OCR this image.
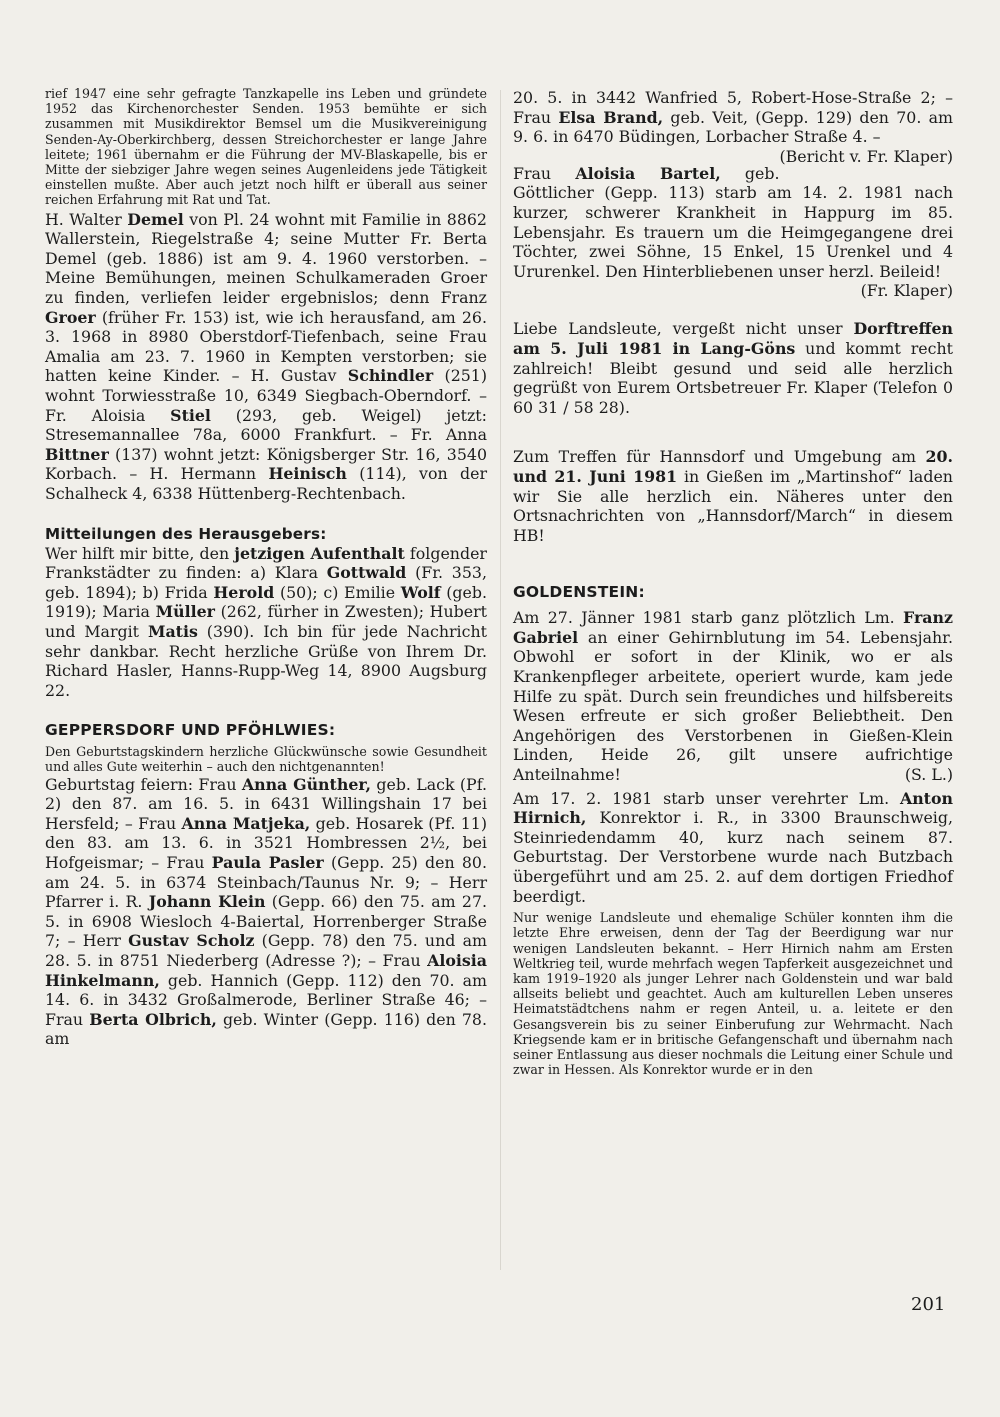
rief 1947 eine sehr gefragte Tanzkapelle ins Leben und gründete 1952 das Kirchenorchester Senden. 1953 bemühte er sich zusammen mit Musikdirektor Bemsel um die Musikvereinigung Senden-Ay-Oberkirchberg, dessen Streichorchester er lange Jahre leitete; 1961 übernahm er die Führung der MV-Blaskapelle, bis er Mitte der siebziger Jahre wegen seines Augenleidens jede Tätigkeit einstellen mußte. Aber auch jetzt noch hilft er überall aus seiner reichen Erfahrung mit Rat und Tat.

H. Walter Demel von Pl. 24 wohnt mit Familie in 8862 Wallerstein, Riegelstraße 4; seine Mutter Fr. Berta Demel (geb. 1886) ist am 9. 4. 1960 verstorben. – Meine Bemühungen, meinen Schulkameraden Groer zu finden, verliefen leider ergebnislos; denn Franz Groer (früher Fr. 153) ist, wie ich herausfand, am 26. 3. 1968 in 8980 Oberstdorf-Tiefenbach, seine Frau Amalia am 23. 7. 1960 in Kempten verstorben; sie hatten keine Kinder. – H. Gustav Schindler (251) wohnt Torwiesstraße 10, 6349 Siegbach-Oberndorf. – Fr. Aloisia Stiel (293, geb. Weigel) jetzt: Stresemannallee 78a, 6000 Frankfurt. – Fr. Anna Bittner (137) wohnt jetzt: Königsberger Str. 16, 3540 Korbach. – H. Hermann Heinisch (114), von der Schalheck 4, 6338 Hüttenberg-Rechtenbach.

Mitteilungen des Herausgebers:

Wer hilft mir bitte, den jetzigen Aufenthalt folgender Frankstädter zu finden: a) Klara Gottwald (Fr. 353, geb. 1894); b) Frida Herold (50); c) Emilie Wolf (geb. 1919); Maria Müller (262, fürher in Zwesten); Hubert und Margit Matis (390). Ich bin für jede Nachricht sehr dankbar. Recht herzliche Grüße von Ihrem Dr. Richard Hasler, Hanns-Rupp-Weg 14, 8900 Augsburg 22.

GEPPERSDORF UND PFÖHLWIES:

Den Geburtstagskindern herzliche Glückwünsche sowie Gesundheit und alles Gute weiterhin – auch den nichtgenannten!

Geburtstag feiern: Frau Anna Günther, geb. Lack (Pf. 2) den 87. am 16. 5. in 6431 Willingshain 17 bei Hersfeld; – Frau Anna Matjeka, geb. Hosarek (Pf. 11) den 83. am 13. 6. in 3521 Hombressen 2½, bei Hofgeismar; – Frau Paula Pasler (Gepp. 25) den 80. am 24. 5. in 6374 Steinbach/Taunus Nr. 9; – Herr Pfarrer i. R. Johann Klein (Gepp. 66) den 75. am 27. 5. in 6908 Wiesloch 4-Baiertal, Horrenberger Straße 7; – Herr Gustav Scholz (Gepp. 78) den 75. und am 28. 5. in 8751 Niederberg (Adresse ?); – Frau Aloisia Hinkelmann, geb. Hannich (Gepp. 112) den 70. am 14. 6. in 3432 Großalmerode, Berliner Straße 46; – Frau Berta Olbrich, geb. Winter (Gepp. 116) den 78. am

20. 5. in 3442 Wanfried 5, Robert-Hose-Straße 2; – Frau Elsa Brand, geb. Veit, (Gepp. 129) den 70. am 9. 6. in 6470 Büdingen, Lorbacher Straße 4. –
(Bericht v. Fr. Klaper)

Frau Aloisia Bartel, geb. Göttlicher (Gepp. 113) starb am 14. 2. 1981 nach kurzer, schwerer Krankheit in Happurg im 85. Lebensjahr. Es trauern um die Heimgegangene drei Töchter, zwei Söhne, 15 Enkel, 15 Urenkel und 4 Ururenkel. Den Hinterbliebenen unser herzl. Beileid!
(Fr. Klaper)

Liebe Landsleute, vergeßt nicht unser Dorftreffen am 5. Juli 1981 in Lang-Göns und kommt recht zahlreich! Bleibt gesund und seid alle herzlich gegrüßt von Eurem Ortsbetreuer Fr. Klaper (Telefon 0 60 31 / 58 28).

Zum Treffen für Hannsdorf und Umgebung am 20. und 21. Juni 1981 in Gießen im „Martinshof“ laden wir Sie alle herzlich ein. Näheres unter den Ortsnachrichten von „Hannsdorf/March“ in diesem HB!

GOLDENSTEIN:

Am 27. Jänner 1981 starb ganz plötzlich Lm. Franz Gabriel an einer Gehirnblutung im 54. Lebensjahr. Obwohl er sofort in der Klinik, wo er als Krankenpfleger arbeitete, operiert wurde, kam jede Hilfe zu spät. Durch sein freundiches und hilfsbereits Wesen erfreute er sich großer Beliebtheit. Den Angehörigen des Verstorbenen in Gießen-Klein Linden, Heide 26, gilt unsere aufrichtige Anteilnahme!	(S. L.)

Am 17. 2. 1981 starb unser verehrter Lm. Anton Hirnich, Konrektor i. R., in 3300 Braunschweig, Steinriedendamm 40, kurz nach seinem 87. Geburtstag. Der Verstorbene wurde nach Butzbach übergeführt und am 25. 2. auf dem dortigen Friedhof beerdigt.

Nur wenige Landsleute und ehemalige Schüler konnten ihm die letzte Ehre erweisen, denn der Tag der Beerdigung war nur wenigen Landsleuten bekannt. – Herr Hirnich nahm am Ersten Weltkrieg teil, wurde mehrfach wegen Tapferkeit ausgezeichnet und kam 1919–1920 als junger Lehrer nach Goldenstein und war bald allseits beliebt und geachtet. Auch am kulturellen Leben unseres Heimatstädtchens nahm er regen Anteil, u. a. leitete er den Gesangsverein bis zu seiner Einberufung zur Wehrmacht. Nach Kriegsende kam er in britische Gefangenschaft und übernahm nach seiner Entlassung aus dieser nochmals die Leitung einer Schule und zwar in Hessen. Als Konrektor wurde er in den

201
